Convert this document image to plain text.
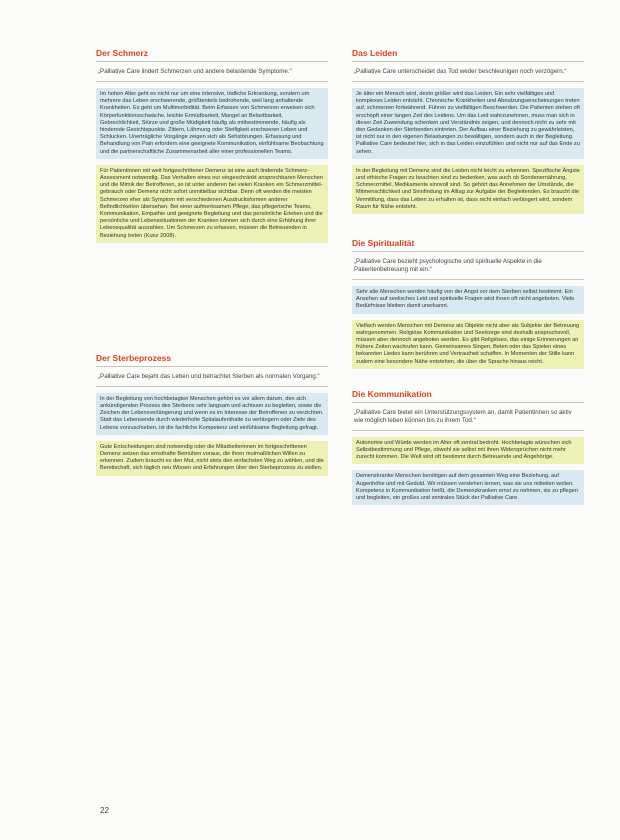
Der Schmerz

„Palliative Care lindert Schmerzen und andere belastende Symptome.“

Im hohen Alter geht es nicht nur um eine intensive, tödliche Erkrankung, sondern um mehrere das Leben erschwerende, größtenteils bedrohende, weil lang anhaltende Krankheiten. Es geht um Multimorbidität. Beim Erfassen von Schmerzen erweisen sich Körperfunktionsschwäche, leichte Ermüdbarkeit, Mangel an Belastbarkeit, Gebrechlichkeit, Stürze und große Müdigkeit häufig als mitbestimmende, häufig als hindernde Gesichtspunkte. Zittern, Lähmung oder Steifigkeit erschweren Leben und Schlucken. Unerträgliche Vorgänge zeigen sich als Sehstörungen. Erfassung und Behandlung von Pain erfordern eine geeignete Kommunikation, einfühlsame Beobachtung und die partnerschaftliche Zusammenarbeit aller einer professionellen Teams.
Für Patientinnen mit weit fortgeschrittener Demenz ist eine auch lindernde Schmerz-Assessment notwendig. Das Verhalten eines nur eingeschränkt ansprechbaren Menschen und die Mimik der Betroffenen, so ist unter anderen bei vielen Kranken ein Schmerzmittelgebrauch oder Demenz nicht sofort unmittelbar sichtbar. Denn oft werden die meisten Schmerzen eher als Symptom mit verschiedenen Ausdrucksformen anderer Befindlichkeiten übersehen. Bei einer aufmerksamen Pflege, das pflegerische Teams, Kommunikation, Empathie und geeignete Begleitung und das persönliche Erleben und die persönliche und Lebenssituationen der Kranken können sich durch eine Erhöhung ihrer Lebensqualität auszahlen. Um Schmerzen zu erfassen, müssen die Betreuenden in Beziehung treten (Kunz 2008).
Der Sterbeprozess

„Palliative Care bejaht das Leben und betrachtet Sterben als normalen Vorgang.“

In der Begleitung von hochbetagten Menschen gehört es vor allem darum, den sich ankündigenden Prozess des Sterbens sehr langsam und achtsam zu begleiten, sowie die Zeichen der Lebensverlängerung und wenn es im Interesse der Betroffenen zu verzichten. Statt das Lebensende durch wiederholte Spitalaufenthalte zu verlängern oder Ziele des Lebens vorzuschieben, ist die fachliche Kompetenz und einfühlsame Begleitung gefragt.
Gute Entscheidungen sind notwendig oder die Mitarbeiterinnen im fortgeschrittenen Demenz setzen das ernsthafte Bemühen voraus, die ihren mutmaßlichen Willen zu erkennen. Zudem braucht es den Mut, nicht stets den einfachsten Weg zu wählen, und die Bereitschaft, sich täglich neu Wissen und Erfahrungen über den Sterbeprozess zu stellen.
Das Leiden

„Palliative Care unterscheidet das Tod weder beschleunigen noch verzögern.“

Je älter ein Mensch wird, desto größer wird das Leiden. Ein sehr vielfältiges und komplexes Leiden entsteht. Chronische Krankheiten und Abnutzungserscheinungen treten auf, schmerzen fortwährend. Führen zu vielfältigen Beschwerden. Die Patienten stehen oft erschöpft einer langen Zeit des Leidens. Um das Leid wahrzunehmen, muss man sich in dieser Zeit Zuwendung schenken und Verständnis zeigen, und dennoch nicht zu sehr mit den Gedanken der Sterbenden eintreten. Der Aufbau einer Beziehung zu gewährleisten, ist nicht nur in den eigenen Belastungen zu bewältigen, sondern auch in der Begleitung. Palliative Care bedeutet hier, sich in das Leiden einzufühlen und nicht nur auf das Ende zu sehen.
In der Begleitung mit Demenz sind die Leiden nicht leicht zu erkennen. Spezifische Ängste und ethische Fragen zu beachten sind zu bedenken, was auch ob Sondenernährung, Schmerzmittel, Medikamente sinnvoll sind. So gehört das Annehmen der Umstände, die Mitmenschlichkeit und Sinnfindung im Alltag zur Aufgabe der Begleitenden. Es braucht die Vermittlung, dass das Leben zu erhalten ist, dass nicht einfach verlängert wird, sondern Raum für Nähe entsteht.
Die Spiritualität

„Palliative Care bezieht psychologische und spirituelle Aspekte in die Patientenbetreuung mit ein.“

Sehr alte Menschen werden häufig von der Angst vor dem Sterben selbst bestimmt. Ein Ansehen auf seelisches Leid und spirituelle Fragen wird ihnen oft nicht angeboten. Viele Bedürfnisse bleiben damit unerkannt.
Vielfach werden Menschen mit Demenz als Objekte nicht aber als Subjekte der Betreuung wahrgenommen. Religiöse Kommunikation und Seelsorge sind deshalb anspruchsvoll, müssen aber dennoch angeboten werden. Es gibt Religiöses, das einige Erinnerungen an frühere Zeiten wachrufen kann. Gemeinsames Singen, Beten oder das Spielen eines bekannten Liedes kann berühren und Vertrautheit schaffen. In Momenten der Stille kann zudem eine besondere Nähe entstehen, die über die Sprache hinaus reicht.
Die Kommunikation

„Palliative Care bietet ein Unterstützungssystem an, damit Patientinnen so aktiv wie möglich leben können bis zu ihrem Tod.“

Autonomie und Würde werden im Alter oft zentral bedroht. Hochbetagte wünschen sich Selbstbestimmung und Pflege, obwohl sie selbst mit ihren Widersprüchen nicht mehr zurecht kommen. Die Welt wird oft bestimmt durch Betreuende und Angehörige.
Demenzkranke Menschen benötigen auf dem gesamten Weg eine Beziehung, auf Augenhöhe und mit Geduld. Wir müssen verstehen lernen, was sie uns mitteilen wollen. Kompetenz in Kommunikation heißt, die Demenzkranken ernst zu nehmen, sie zu pflegen und begleiten, ein großes und zentrales Stück der Palliative Care.
22
